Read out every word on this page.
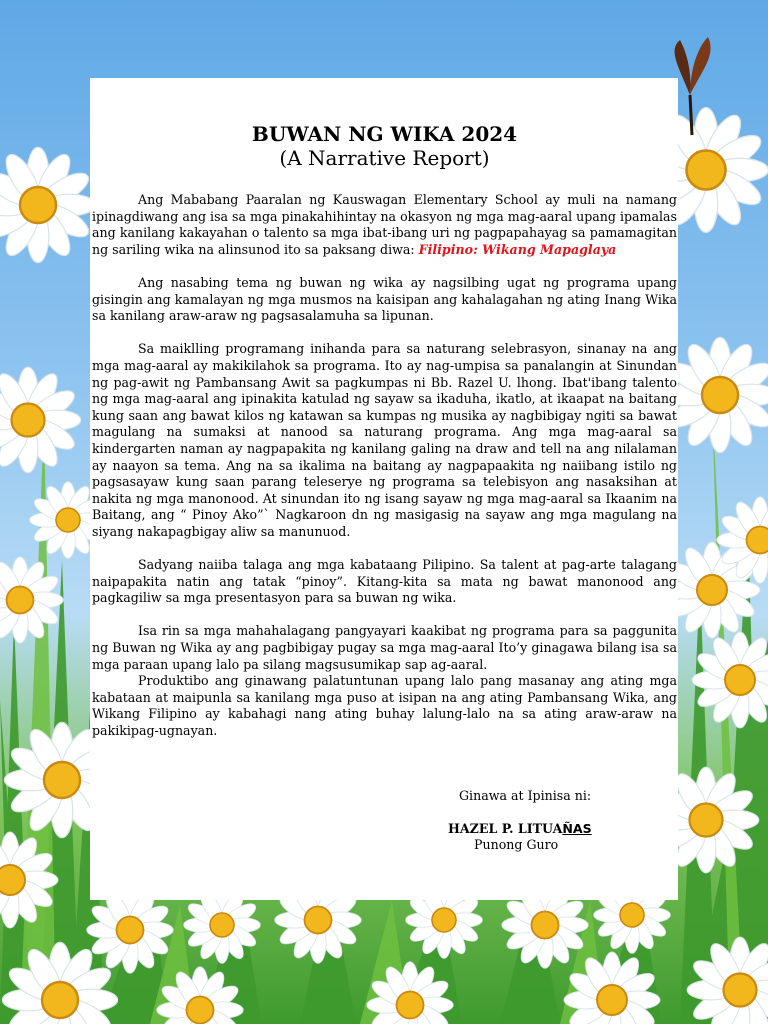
BUWAN NG WIKA 2024

(A Narrative Report)

Ang Mababang Paaralan ng Kauswagan Elementary School ay muli na namang ipinagdiwang ang isa sa mga pinakahihintay na okasyon ng mga mag-aaral upang ipamalas ang kanilang kakayahan o talento sa mga ibat-ibang uri ng pagpapahayag sa pamamagitan ng sariling wika na alinsunod ito sa paksang diwa: Filipino: Wikang Mapaglaya

Ang nasabing tema ng buwan ng wika ay nagsilbing ugat ng programa upang gisingin ang kamalayan ng mga musmos na kaisipan ang kahalagahan ng ating Inang Wika sa kanilang araw-araw ng pagsasalamuha sa lipunan.

Sa maiklling programang inihanda para sa naturang selebrasyon, sinanay na ang mga mag-aaral ay makikilahok sa programa. Ito ay nag-umpisa sa panalangin at Sinundan ng pag-awit ng Pambansang Awit sa pagkumpas ni Bb. Razel U. lhong. Ibat'ibang talento ng mga mag-aaral ang ipinakita katulad ng sayaw sa ikaduha, ikatlo, at ikaapat na baitang kung saan ang bawat kilos ng katawan sa kumpas ng musika ay nagbibigay ngiti sa bawat magulang na sumaksi at nanood sa naturang programa. Ang mga mag-aaral sa kindergarten naman ay nagpapakita ng kanilang galing na draw and tell na ang nilalaman ay naayon sa tema. Ang na sa ikalima na baitang ay nagpapaakita ng naiibang istilo ng pagsasayaw kung saan parang teleserye ng programa sa telebisyon ang nasaksihan at nakita ng mga manonood. At sinundan ito ng isang sayaw ng mga mag-aaral sa Ikaanim na Baitang, ang “ Pinoy Ako”` Nagkaroon dn ng masigasig na sayaw ang mga magulang na siyang nakapagbigay aliw sa manunuod.

Sadyang naiiba talaga ang mga kabataang Pilipino. Sa talent at pag-arte talagang naipapakita natin ang tatak “pinoy”. Kitang-kita sa mata ng bawat manonood ang pagkagiliw sa mga presentasyon para sa buwan ng wika.

Isa rin sa mga mahahalagang pangyayari kaakibat ng programa para sa paggunita ng Buwan ng Wika ay ang pagbibigay pugay sa mga mag-aaral Ito’y ginagawa bilang isa sa mga paraan upang lalo pa silang magsusumikap sap ag-aaral.

Produktibo ang ginawang palatuntunan upang lalo pang masanay ang ating mga kabataan at maipunla sa kanilang mga puso at isipan na ang ating Pambansang Wika, ang Wikang Filipino ay kabahagi nang ating buhay lalung-lalo na sa ating araw-araw na pakikipag-ugnayan.

Ginawa at Ipinisa ni:
HAZEL P. LITUAÑAS
Punong Guro
